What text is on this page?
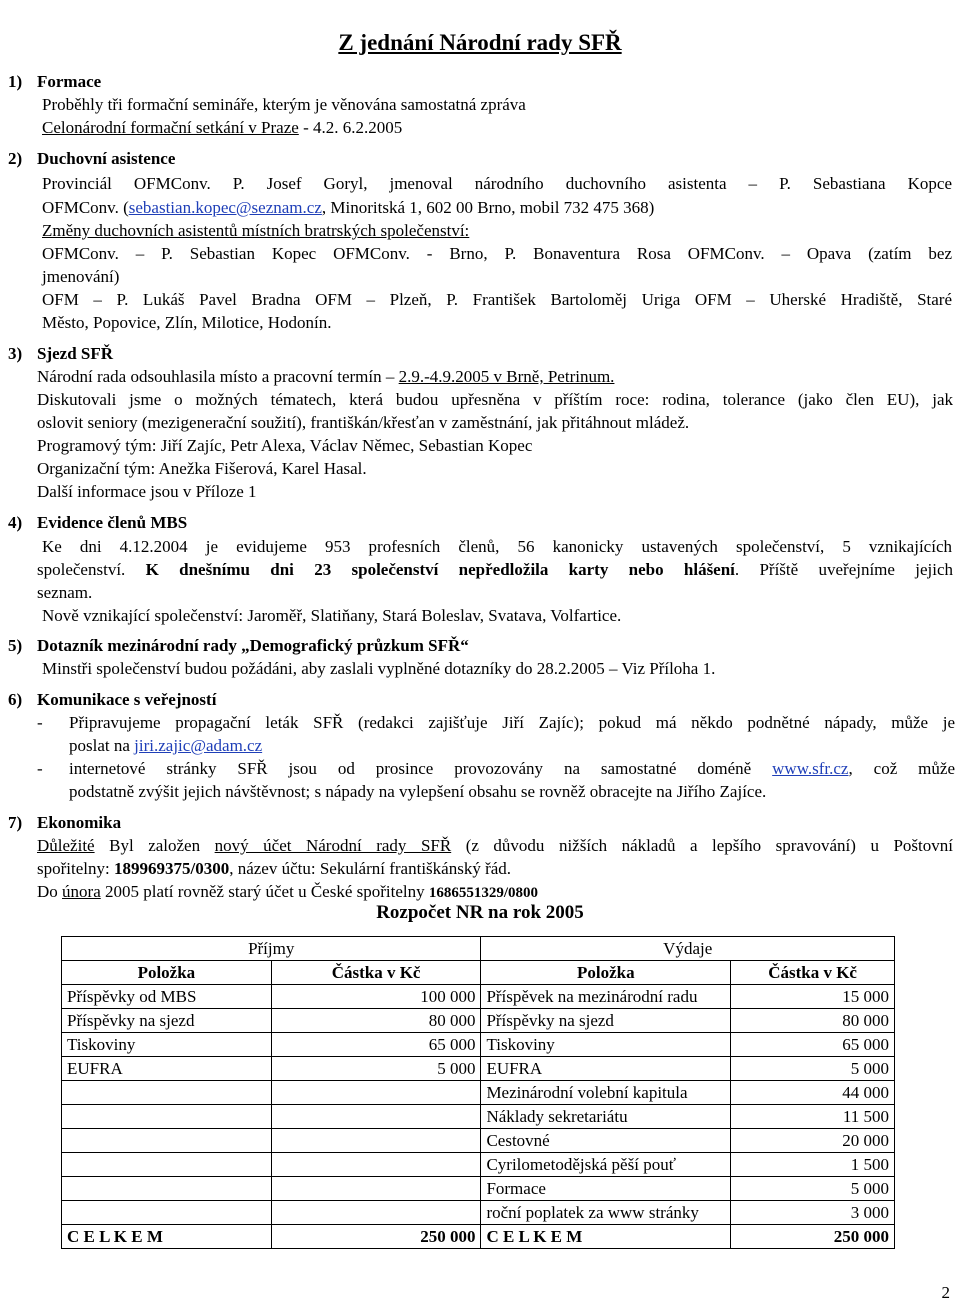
Z jednání Národní rady SFŘ
1) Formace
Proběhly tři formační semináře, kterým je věnována samostatná zpráva
Celonárodní formační setkání v Praze - 4.2. 6.2.2005
2) Duchovní asistence
Provinciál OFMConv. P. Josef Goryl, jmenoval národního duchovního asistenta – P. Sebastiana Kopce
OFMConv. (sebastian.kopec@seznam.cz, Minoritská 1, 602 00 Brno, mobil 732 475 368)
Změny duchovních asistentů místních bratrských společenství:
OFMConv. – P. Sebastian Kopec OFMConv. - Brno, P. Bonaventura Rosa OFMConv. – Opava (zatím bez
jmenování)
OFM – P. Lukáš Pavel Bradna OFM – Plzeň, P. František Bartoloměj Uriga OFM – Uherské Hradiště, Staré
Město, Popovice, Zlín, Milotice, Hodonín.
3) Sjezd SFŘ
Národní rada odsouhlasila místo a pracovní termín – 2.9.-4.9.2005 v Brně, Petrinum.
Diskutovali jsme o možných tématech, která budou upřesněna v příštím roce: rodina, tolerance (jako člen EU), jak
oslovit seniory (mezigenerační soužití), františkán/křesťan v zaměstnání, jak přitáhnout mládež.
Programový tým: Jiří Zajíc, Petr Alexa, Václav Němec, Sebastian Kopec
Organizační tým: Anežka Fišerová, Karel Hasal.
Další informace jsou v Příloze 1
4) Evidence členů MBS
Ke dni 4.12.2004 je evidujeme 953 profesních členů, 56 kanonicky ustavených společenství, 5 vznikajících
společenství. K dnešnímu dni 23 společenství nepředložila karty nebo hlášení. Příště uveřejníme jejich
seznam.
Nově vznikající společenství: Jaroměř, Slatiňany, Stará Boleslav, Svatava, Volfartice.
5) Dotazník mezinárodní rady „Demografický průzkum SFŘ“
Minstři společenství budou požádáni, aby zaslali vyplněné dotazníky do 28.2.2005 – Viz Příloha 1.
6) Komunikace s veřejností
- Připravujeme propagační leták SFŘ (redakci zajišťuje Jiří Zajíc); pokud má někdo podnětné nápady, může je
poslat na jiri.zajic@adam.cz
- internetové stránky SFŘ jsou od prosince provozovány na samostatné doméně www.sfr.cz, což může
podstatně zvýšit jejich návštěvnost; s nápady na vylepšení obsahu se rovněž obracejte na Jiřího Zajíce.
7) Ekonomika
Důležité Byl založen nový účet Národní rady SFŘ (z důvodu nižších nákladů a lepšího spravování) u Poštovní
spořitelny: 189969375/0300, název účtu: Sekulární františkánský řád.
Do února 2005 platí rovněž starý účet u České spořitelny 1686551329/0800
Rozpočet NR na rok 2005
Příjmy		Výdaje	
Položka	Částka v Kč	Položka	Částka v Kč
Příspěvky od MBS	100 000	Příspěvek na mezinárodní radu	15 000
Příspěvky na sjezd	80 000	Příspěvky na sjezd	80 000
Tiskoviny	65 000	Tiskoviny	65 000
EUFRA	5 000	EUFRA	5 000
		Mezinárodní volební kapitula	44 000
		Náklady sekretariátu	11 500
		Cestovné	20 000
		Cyrilometodějská pěší pouť	1 500
		Formace	5 000
		roční poplatek za www stránky	3 000
C E L K E M	250 000	C E L K E M	250 000
2
